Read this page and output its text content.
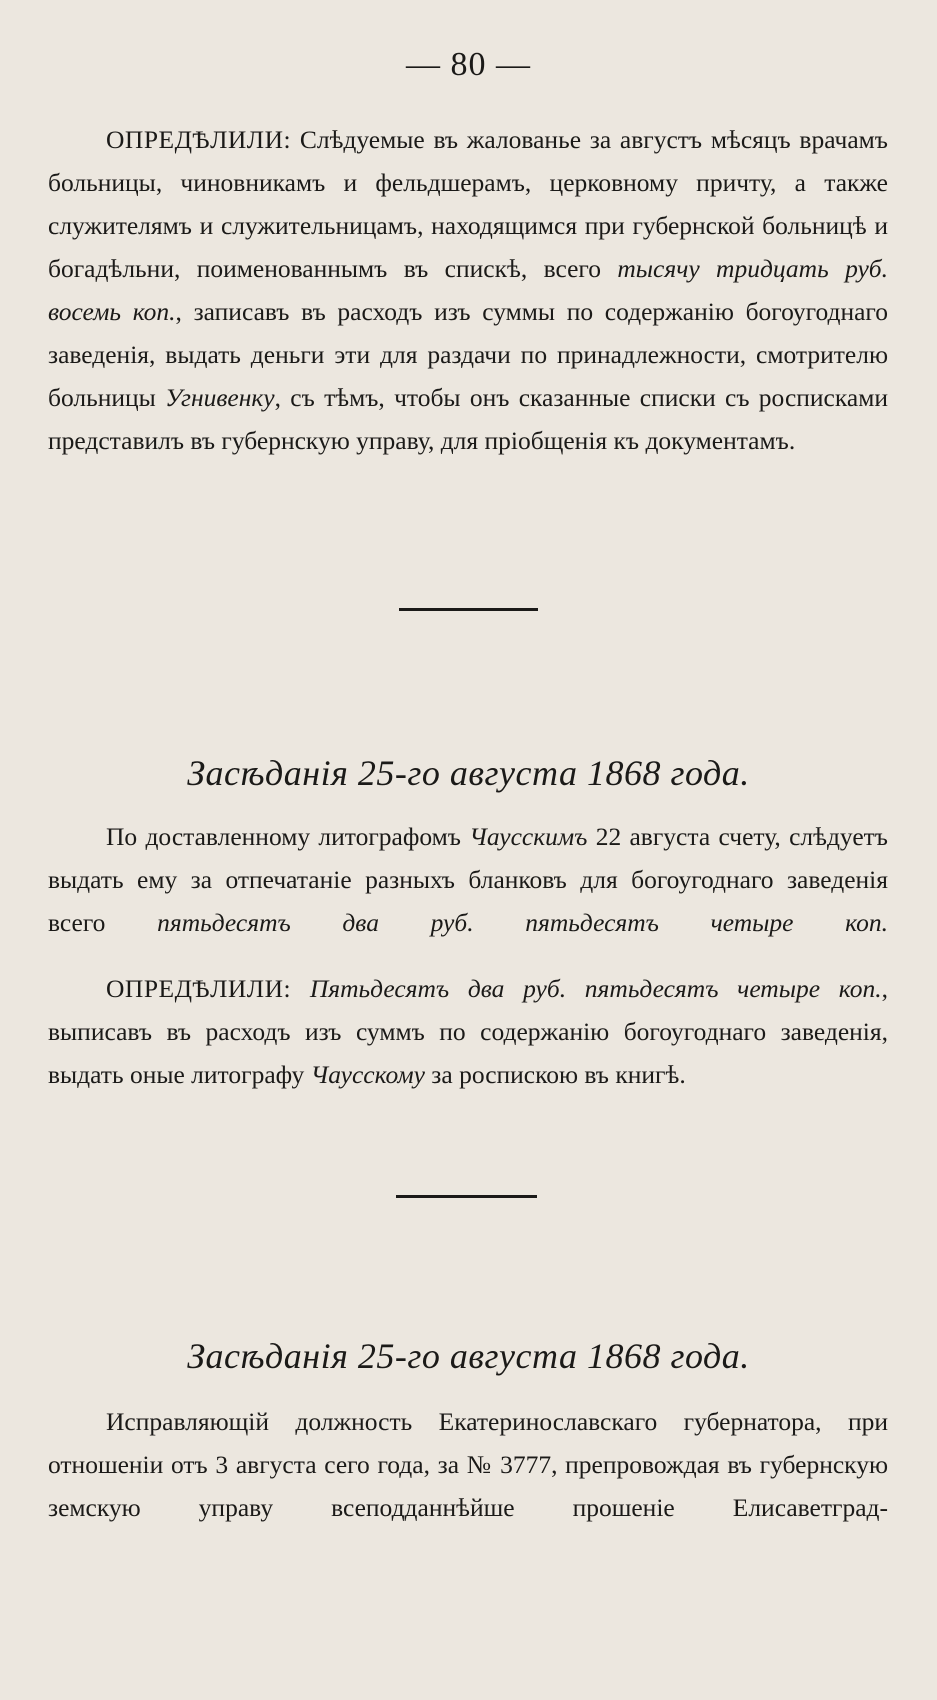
— 80 —

ОПРЕДѢЛИЛИ: Слѣдуемые въ жалованье за августъ мѣсяцъ врачамъ больницы, чиновникамъ и фельдшерамъ, церковному причту, а также служителямъ и служительницамъ, находящимся при губернской больницѣ и богадѣльни, поименованнымъ въ спискѣ, всего тысячу тридцать руб. восемь коп., записавъ въ расходъ изъ суммы по содержанію богоугоднаго заведенія, выдать деньги эти для раздачи по принадлежности, смотрителю больницы Угнивенку, съ тѣмъ, чтобы онъ сказанные списки съ росписками представилъ въ губернскую управу, для пріобщенія къ документамъ.

Засѣданія 25-го августа 1868 года.

По доставленному литографомъ Чаусскимъ 22 августа счету, слѣдуетъ выдать ему за отпечатаніе разныхъ бланковъ для богоугоднаго заведенія всего пятьдесятъ два руб. пятьдесятъ четыре коп.

ОПРЕДѢЛИЛИ: Пятьдесятъ два руб. пятьдесятъ четыре коп., выписавъ въ расходъ изъ суммъ по содержанію богоугоднаго заведенія, выдать оные литографу Чаусскому за роспискою въ книгѣ.

Засѣданія 25-го августа 1868 года.

Исправляющій должность Екатеринославскаго губернатора, при отношеніи отъ 3 августа сего года, за № 3777, препровождая въ губернскую земскую управу всеподданнѣйше прошеніе Елисаветград-
